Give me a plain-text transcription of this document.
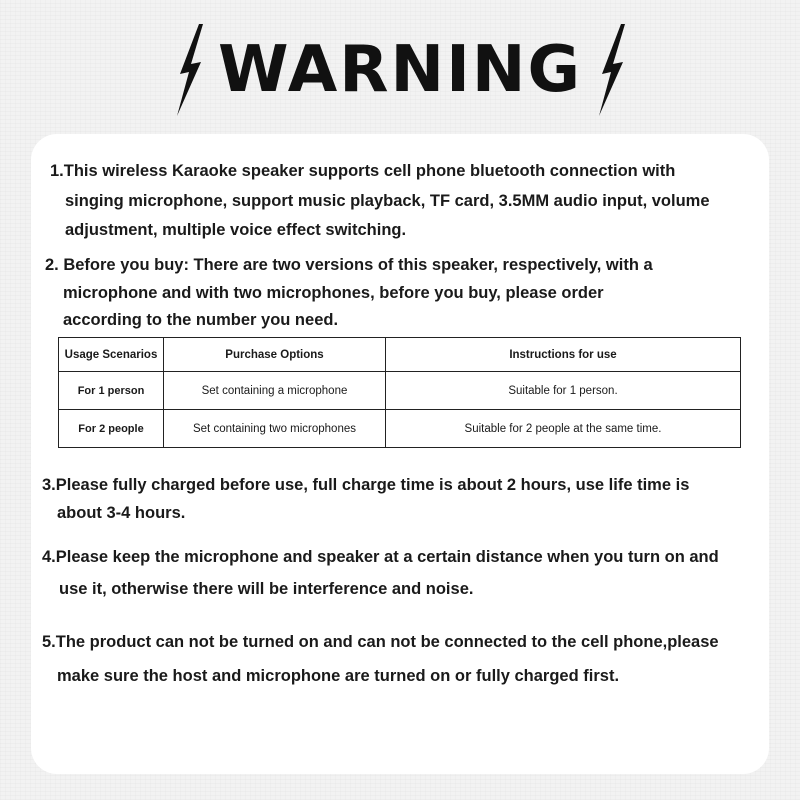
WARNING
1.This wireless Karaoke speaker supports cell phone bluetooth connection with
singing microphone, support music playback, TF card, 3.5MM audio input, volume
adjustment, multiple voice effect switching.
2. Before you buy: There are two versions of this speaker, respectively, with a
microphone and with two microphones, before you buy, please order
according to the number you need.
Usage Scenarios	Purchase Options	Instructions for use
For 1 person	Set containing a microphone	Suitable for 1 person.
For 2 people	Set containing two microphones	Suitable for 2 people at the same time.
3.Please fully charged before use, full charge time is about 2 hours, use life time is
about 3-4 hours.
4.Please keep the microphone and speaker at a certain distance when you turn on and
use it, otherwise there will be interference and noise.
5.The product can not be turned on and can not be connected to the cell phone,please
make sure the host and microphone are turned on or fully charged first.
